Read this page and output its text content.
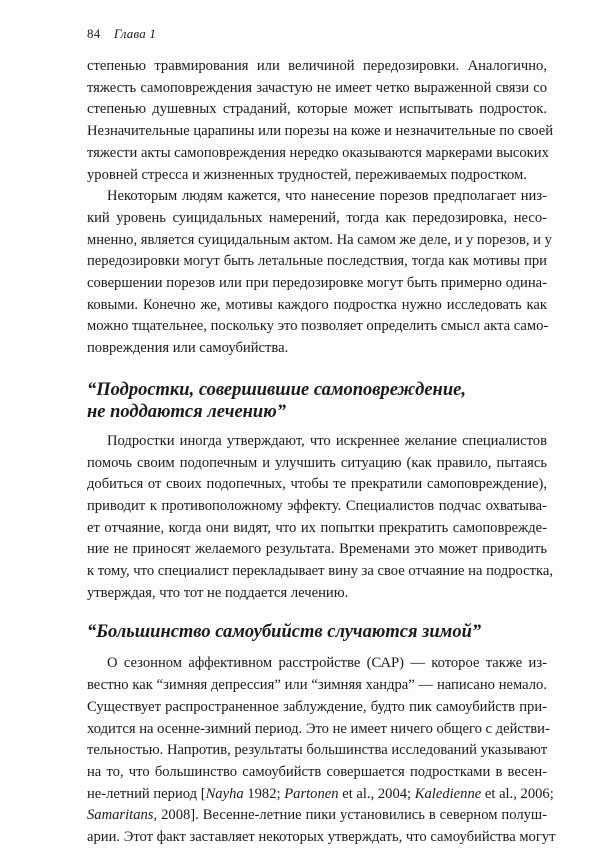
84 Глава 1
степенью травмирования или величиной передозировки. Аналогично,
тяжесть самоповреждения зачастую не имеет четко выраженной связи со
степенью душевных страданий, которые может испытывать подросток.
Незначительные царапины или порезы на коже и незначительные по своей
тяжести акты самоповреждения нередко оказываются маркерами высоких
уровней стресса и жизненных трудностей, переживаемых подростком.
Некоторым людям кажется, что нанесение порезов предполагает низ-
кий уровень суицидальных намерений, тогда как передозировка, несо-
мненно, является суицидальным актом. На самом же деле, и у порезов, и у
передозировки могут быть летальные последствия, тогда как мотивы при
совершении порезов или при передозировке могут быть примерно одина-
ковыми. Конечно же, мотивы каждого подростка нужно исследовать как
можно тщательнее, поскольку это позволяет определить смысл акта само-
повреждения или самоубийства.
“Подростки, совершившие самоповреждение,
не поддаются лечению”
Подростки иногда утверждают, что искреннее желание специалистов
помочь своим подопечным и улучшить ситуацию (как правило, пытаясь
добиться от своих подопечных, чтобы те прекратили самоповреждение),
приводит к противоположному эффекту. Специалистов подчас охватыва-
ет отчаяние, когда они видят, что их попытки прекратить самоповрежде-
ние не приносят желаемого результата. Временами это может приводить
к тому, что специалист перекладывает вину за свое отчаяние на подростка,
утверждая, что тот не поддается лечению.
“Большинство самоубийств случаются зимой”
О сезонном аффективном расстройстве (САР) — которое также из-
вестно как “зимняя депрессия” или “зимняя хандра” — написано немало.
Существует распространенное заблуждение, будто пик самоубийств при-
ходится на осенне-зимний период. Это не имеет ничего общего с действи-
тельностью. Напротив, результаты большинства исследований указывают
на то, что большинство самоубийств совершается подростками в весен-
не-летний период [Nayha 1982; Partonen et al., 2004; Kaledienne et al., 2006;
Samaritans, 2008]. Весенне-летние пики установились в северном полуш-
арии. Этот факт заставляет некоторых утверждать, что самоубийства могут
